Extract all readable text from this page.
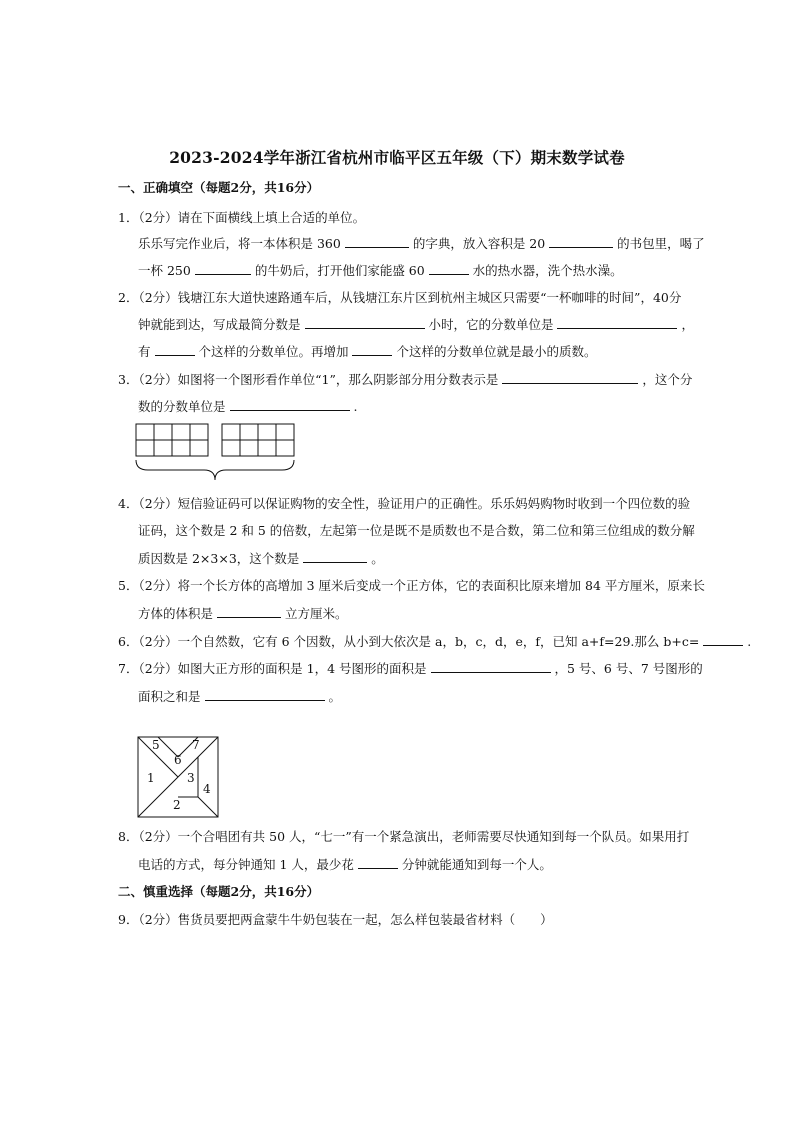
2023-2024学年浙江省杭州市临平区五年级（下）期末数学试卷
一、正确填空（每题2分，共16分）
1．（2分）请在下面横线上填上合适的单位。
乐乐写完作业后，将一本体积是 360	的字典，放入容积是 20	的书包里，喝了
一杯 250	的牛奶后，打开他们家能盛 60	水的热水器，洗个热水澡。
2．（2分）钱塘江东大道快速路通车后，从钱塘江东片区到杭州主城区只需要“一杯咖啡的时间”，40分
钟就能到达，写成最简分数是	小时，它的分数单位是	，
有	个这样的分数单位。再增加	个这样的分数单位就是最小的质数。
3．（2分）如图将一个图形看作单位“1”，那么阴影部分用分数表示是	，这个分
数的分数单位是	.
4．（2分）短信验证码可以保证购物的安全性，验证用户的正确性。乐乐妈妈购物时收到一个四位数的验
证码，这个数是 2 和 5 的倍数，左起第一位是既不是质数也不是合数，第二位和第三位组成的数分解
质因数是 2×3×3，这个数是	。
5．（2分）将一个长方体的高增加 3 厘米后变成一个正方体，它的表面积比原来增加 84 平方厘米，原来长
方体的体积是	立方厘米。
6．（2分）一个自然数，它有 6 个因数，从小到大依次是 a，b，c，d，e，f，已知 a+f=29.那么 b+c=	.
7．（2分）如图大正方形的面积是 1，4 号图形的面积是	，5 号、6 号、7 号图形的
面积之和是	。
5	7
6
1	3
4
2
8．（2分）一个合唱团有共 50 人，“七一”有一个紧急演出，老师需要尽快通知到每一个队员。如果用打
电话的方式，每分钟通知 1 人，最少花	分钟就能通知到每一个人。
二、慎重选择（每题2分，共16分）
9．（2分）售货员要把两盒蒙牛牛奶包装在一起，怎么样包装最省材料（　　）
